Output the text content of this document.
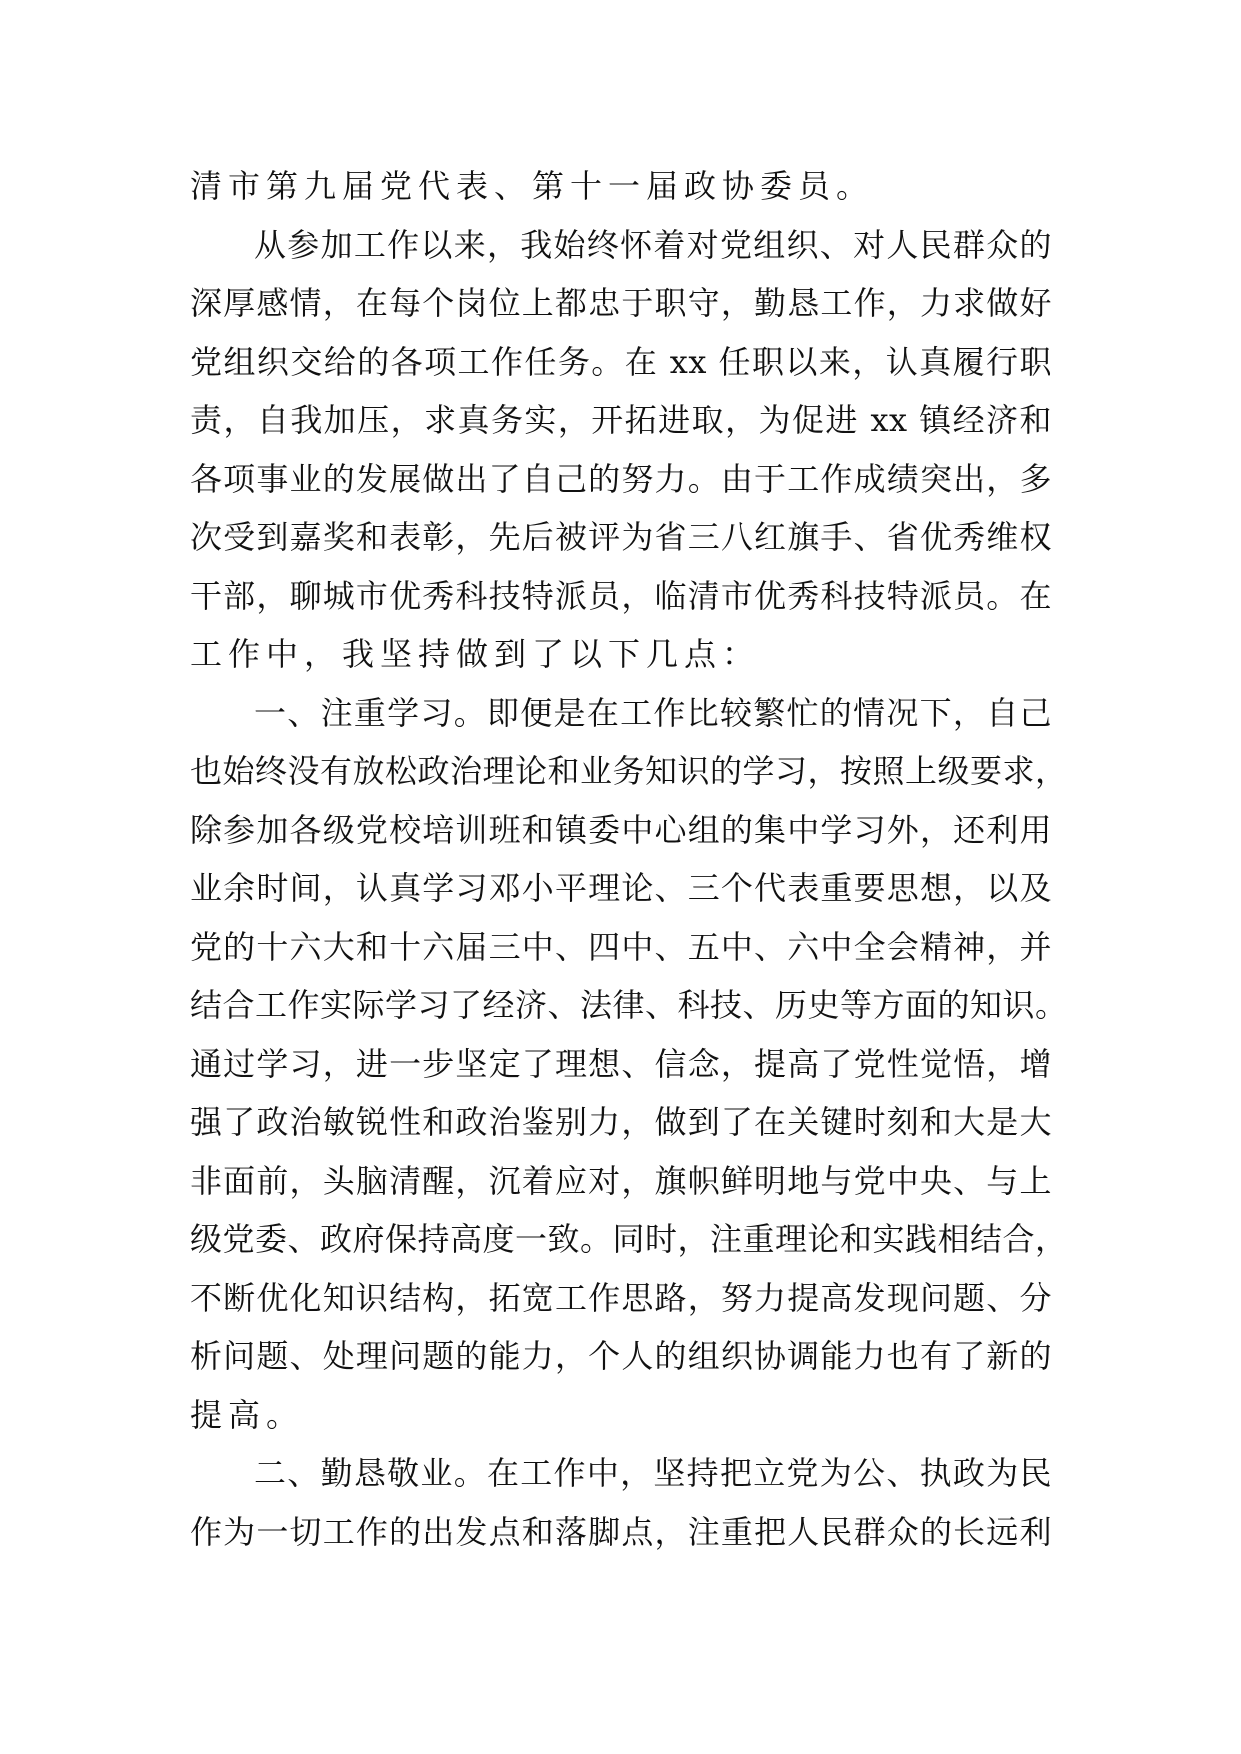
清市第九届党代表、第十一届政协委员。
从参加工作以来，我始终怀着对党组织、对人民群众的
深厚感情，在每个岗位上都忠于职守，勤恳工作，力求做好
党组织交给的各项工作任务。在 xx 任职以来，认真履行职
责，自我加压，求真务实，开拓进取，为促进 xx 镇经济和
各项事业的发展做出了自己的努力。由于工作成绩突出，多
次受到嘉奖和表彰，先后被评为省三八红旗手、省优秀维权
干部，聊城市优秀科技特派员，临清市优秀科技特派员。在
工作中，我坚持做到了以下几点：
一、注重学习。即便是在工作比较繁忙的情况下，自己
也始终没有放松政治理论和业务知识的学习，按照上级要求，
除参加各级党校培训班和镇委中心组的集中学习外，还利用
业余时间，认真学习邓小平理论、三个代表重要思想，以及
党的十六大和十六届三中、四中、五中、六中全会精神，并
结合工作实际学习了经济、法律、科技、历史等方面的知识。
通过学习，进一步坚定了理想、信念，提高了党性觉悟，增
强了政治敏锐性和政治鉴别力，做到了在关键时刻和大是大
非面前，头脑清醒，沉着应对，旗帜鲜明地与党中央、与上
级党委、政府保持高度一致。同时，注重理论和实践相结合，
不断优化知识结构，拓宽工作思路，努力提高发现问题、分
析问题、处理问题的能力，个人的组织协调能力也有了新的
提高。
二、勤恳敬业。在工作中，坚持把立党为公、执政为民
作为一切工作的出发点和落脚点，注重把人民群众的长远利
